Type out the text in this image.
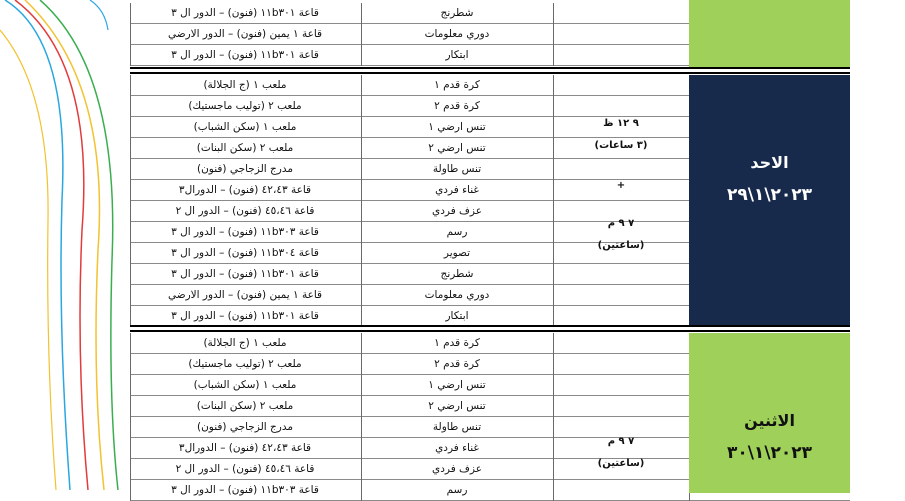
قاعة ١١b٣٠١ (فنون) – الدور ال ٣	شطرنج
قاعة ١ يمين (فنون) – الدور الارضي	دوري معلومات
قاعة ١١b٣٠١ (فنون) – الدور ال ٣	ابتكار
ملعب ١ (ج الجلالة)	كرة قدم ١
ملعب ٢ (توليب ماجستيك)	كرة قدم ٢
ملعب ١ (سكن الشباب)	تنس ارضي ١
ملعب ٢ (سكن البنات)	تنس ارضي ٢
مدرج الزجاجي (فنون)	تنس طاولة
قاعة ٤٢،٤٣ (فنون) – الدورال٣	غناء فردي
قاعة ٤٥،٤٦ (فنون) – الدور ال ٢	عزف فردي
قاعة ١١b٣٠٣ (فنون) – الدور ال ٣	رسم
قاعة ١١b٣٠٤ (فنون) – الدور ال ٣	تصوير
قاعة ١١b٣٠١ (فنون) – الدور ال ٣	شطرنج
قاعة ١ يمين (فنون) – الدور الارضي	دوري معلومات
قاعة ١١b٣٠١ (فنون) – الدور ال ٣	ابتكار
الاحد
٢٠٢٣\١\٢٩
٩ ١٢ ظ
(٣ ساعات)
+
٧ ٩ م
(ساعتين)
ملعب ١ (ج الجلالة)	كرة قدم ١
ملعب ٢ (توليب ماجستيك)	كرة قدم ٢
ملعب ١ (سكن الشباب)	تنس ارضي ١
ملعب ٢ (سكن البنات)	تنس ارضي ٢
مدرج الزجاجي (فنون)	تنس طاولة
قاعة ٤٢،٤٣ (فنون) – الدورال٣	غناء فردي
قاعة ٤٥،٤٦ (فنون) – الدور ال ٢	عزف فردي
قاعة ١١b٣٠٣ (فنون) – الدور ال ٣	رسم
الاثنين
٢٠٢٣\١\٣٠
٧ ٩ م
(ساعتين)
